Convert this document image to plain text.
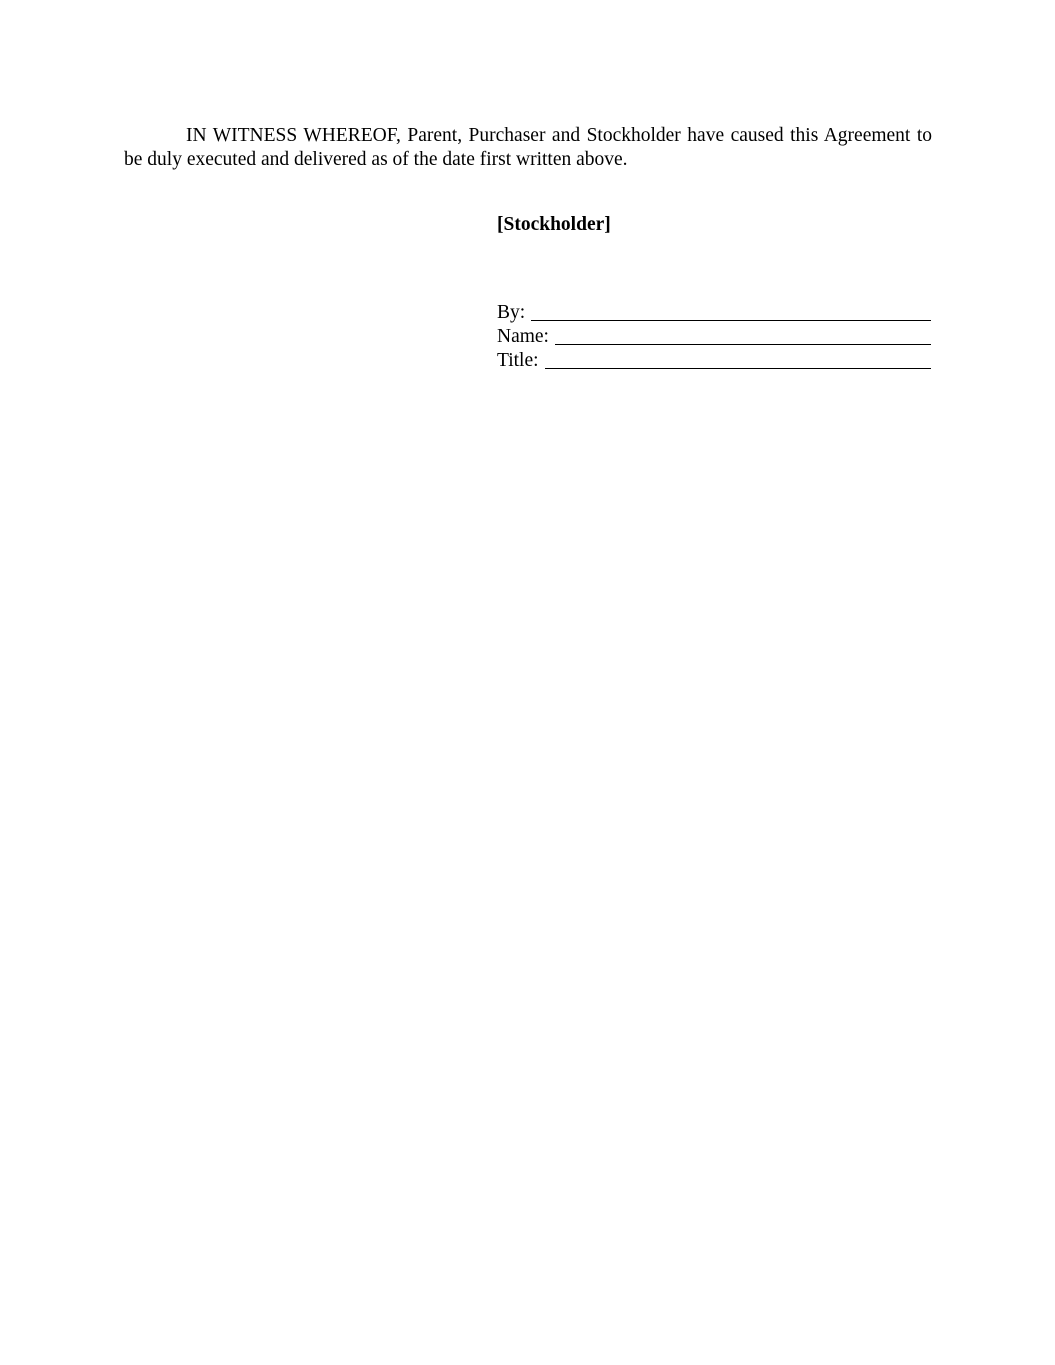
IN WITNESS WHEREOF, Parent, Purchaser and Stockholder have caused this Agreement to be duly executed and delivered as of the date first written above.

[Stockholder]

By:
Name:
Title:
